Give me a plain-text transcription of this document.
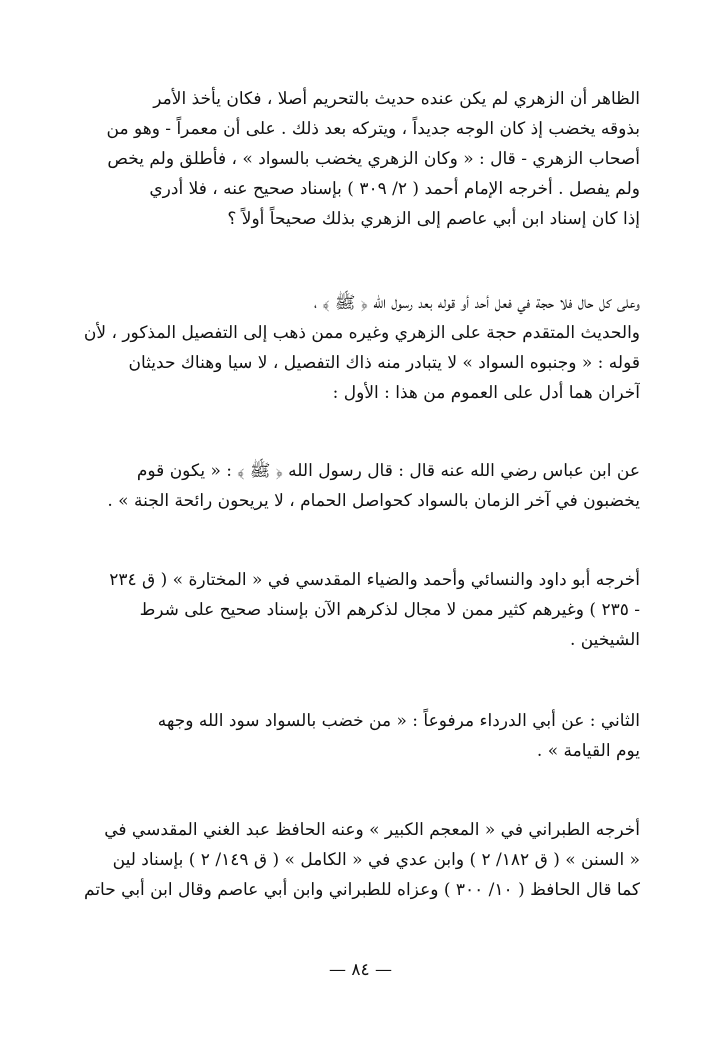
الظاهر أن الزهري لم يكن عنده حديث بالتحريم أصلا ، فكان يأخذ الأمر
بذوقه يخضب إذ كان الوجه جديداً ، ويتركه بعد ذلك . على أن معمراً - وهو من
أصحاب الزهري - قال : « وكان الزهري يخضب بالسواد » ، فأطلق ولم يخص
ولم يفصل . أخرجه الإمام أحمد ( ٢/ ٣٠٩ ) بإسناد صحيح عنه ، فلا أدري
إذا كان إسناد ابن أبي عاصم إلى الزهري بذلك صحيحاً أولاً ؟
وعلى كل حال فلا حجة في فعل أحد أو قوله بعد رسول الله ﴿ ﷺ ﴾ ،
والحديث المتقدم حجة على الزهري وغيره ممن ذهب إلى التفصيل المذكور ، لأن
قوله : « وجنبوه السواد » لا يتبادر منه ذاك التفصيل ، لا سيا وهناك حديثان
آخران هما أدل على العموم من هذا : الأول :
عن ابن عباس رضي الله عنه قال : قال رسول الله ﴿ ﷺ ﴾ : « يكون قوم
يخضبون في آخر الزمان بالسواد كحواصل الحمام ، لا يريحون رائحة الجنة » .
أخرجه أبو داود والنسائي وأحمد والضياء المقدسي في « المختارة » ( ق ٢٣٤
- ٢٣٥ ) وغيرهم كثير ممن لا مجال لذكرهم الآن بإسناد صحيح على شرط
الشيخين .
الثاني : عن أبي الدرداء مرفوعاً : « من خضب بالسواد سود الله وجهه
يوم القيامة » .
أخرجه الطبراني في « المعجم الكبير » وعنه الحافظ عبد الغني المقدسي في
« السنن » ( ق ١٨٢/ ٢ ) وابن عدي في « الكامل » ( ق ١٤٩/ ٢ ) بإسناد لين
كما قال الحافظ ( ١٠/ ٣٠٠ ) وعزاه للطبراني وابن أبي عاصم وقال ابن أبي حاتم
— ٨٤ —
